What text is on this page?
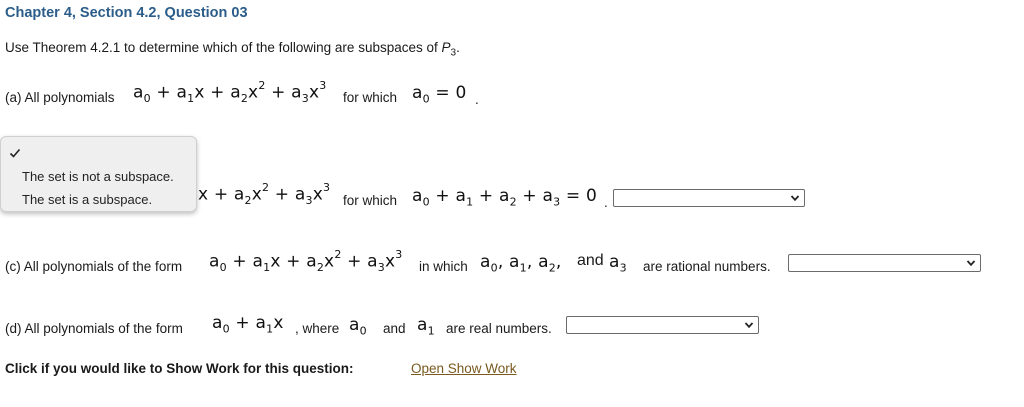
Chapter 4, Section 4.2, Question 03
Use Theorem 4.2.1 to determine which of the following are subspaces of $P_3$.
(a) All polynomials $a_0 + a_1x + a_2x^2 + a_3x^3$
for which $a_0 = 0$ .
$x + a_2x^2 + a_3x^3$
for which $a_0 + a_1 + a_2 + a_3 = 0$ .
The set is not a subspace.
The set is a subspace.
(c) All polynomials of the form $a_0 + a_1x + a_2x^2 + a_3x^3$
in which $a_0$, $a_1$, $a_2$, and $a_3$ are rational numbers.
(d) All polynomials of the form $a_0 + a_1x$ , where $a_0$ and $a_1$ are real numbers.
Click if you would like to Show Work for this question:	Open Show Work
